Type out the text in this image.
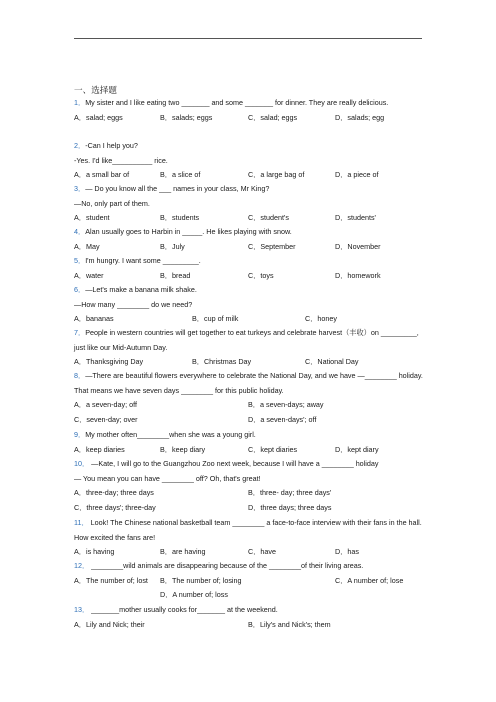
一、选择题
1．My sister and I like eating two _______ and some _______ for dinner. They are really delicious.
A．salad; eggs	B．salads; eggs	C．salad; eggs	D．salads; egg
2．-Can I help you?
-Yes. I'd like__________ rice.
A．a small bar of	B．a slice of	C．a large bag of	D．a piece of
3．— Do you know all the ___ names in your class, Mr King?
—No, only part of them.
A．student	B．students	C．student's	D．students'
4．Alan usually goes to Harbin in _____. He likes playing with snow.
A．May	B．July	C．September	D．November
5．I'm hungry. I want some _________.
A．water	B．bread	C．toys	D．homework
6．—Let's make a banana milk shake.
—How many ________ do we need?
A．bananas	B．cup of milk	C．honey
7．People in western countries will get together to eat turkeys and celebrate harvest（丰收）on _________, just like our Mid-Autumn Day.
A．Thanksgiving Day	B．Christmas Day	C．National Day
8．—There are beautiful flowers everywhere to celebrate the National Day, and we have —________ holiday. That means we have seven days ________ for this public holiday.
A．a seven-day; off	B．a seven-days; away
C．seven-day; over	D．a seven-days'; off
9．My mother often________when she was a young girl.
A．keep diaries	B．keep diary	C．kept diaries	D．kept diary
10． —Kate, I will go to the Guangzhou Zoo next week, because I will have a ________ holiday
— You mean you can have ________ off? Oh, that's great!
A．three-day; three days	B．three- day; three days'
C．three days'; three-day	D．three days; three days
11． Look! The Chinese national basketball team ________ a face-to-face interview with their fans in the hall. How excited the fans are!
A．is having	B．are having	C．have	D．has
12． ________wild animals are disappearing because of the ________of their living areas.
A．The number of; lost B．The number of; losing	C．A number of; lose
D．A number of; loss
13． _______mother usually cooks for_______ at the weekend.
A．Lily and Nick; their	B．Lily's and Nick's; them
